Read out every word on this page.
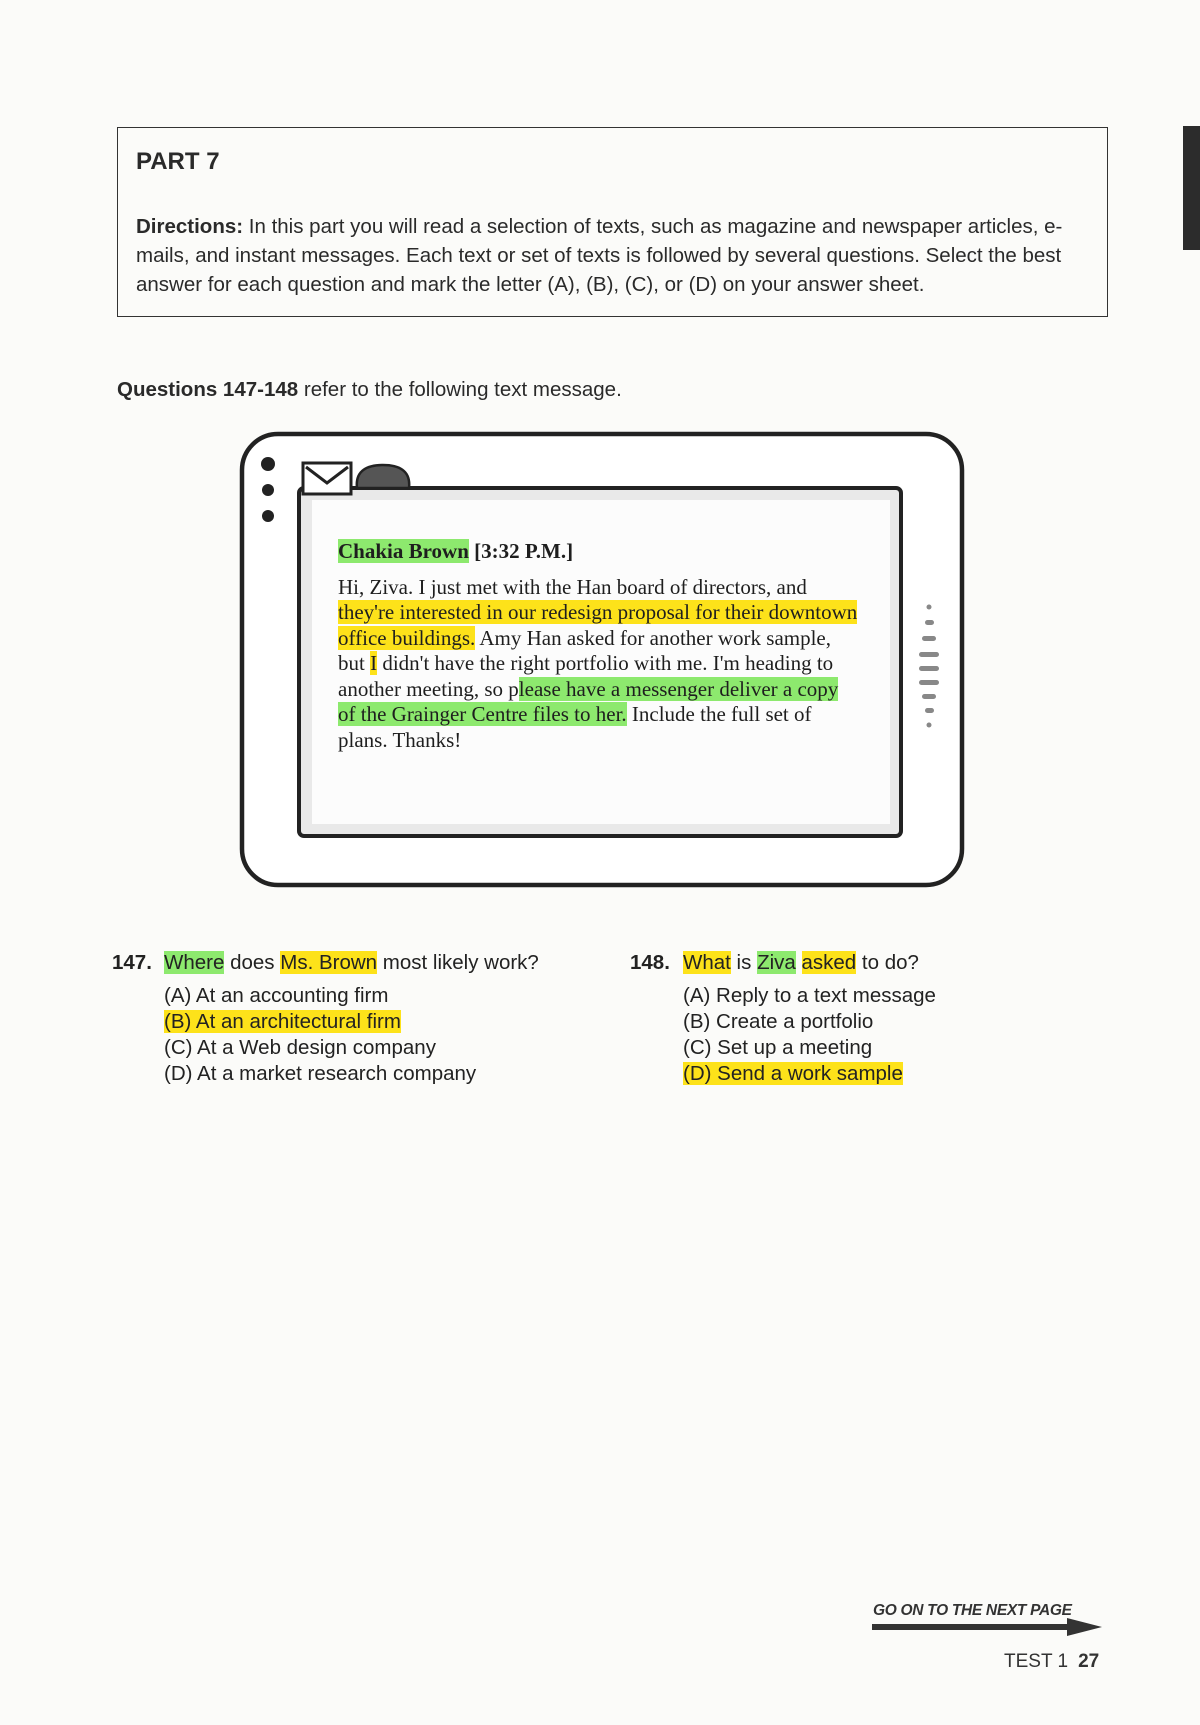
PART 7
Directions: In this part you will read a selection of texts, such as magazine and newspaper articles, e-mails, and instant messages. Each text or set of texts is followed by several questions. Select the best answer for each question and mark the letter (A), (B), (C), or (D) on your answer sheet.
Questions 147-148 refer to the following text message.
Chakia Brown [3:32 P.M.]
Hi, Ziva. I just met with the Han board of directors, and they're interested in our redesign proposal for their downtown office buildings. Amy Han asked for another work sample, but I didn't have the right portfolio with me. I'm heading to another meeting, so please have a messenger deliver a copy of the Grainger Centre files to her. Include the full set of plans. Thanks!
147. Where does Ms. Brown most likely work?
(A) At an accounting firm
(B) At an architectural firm
(C) At a Web design company
(D) At a market research company
148. What is Ziva asked to do?
(A) Reply to a text message
(B) Create a portfolio
(C) Set up a meeting
(D) Send a work sample
GO ON TO THE NEXT PAGE
TEST 1 27
